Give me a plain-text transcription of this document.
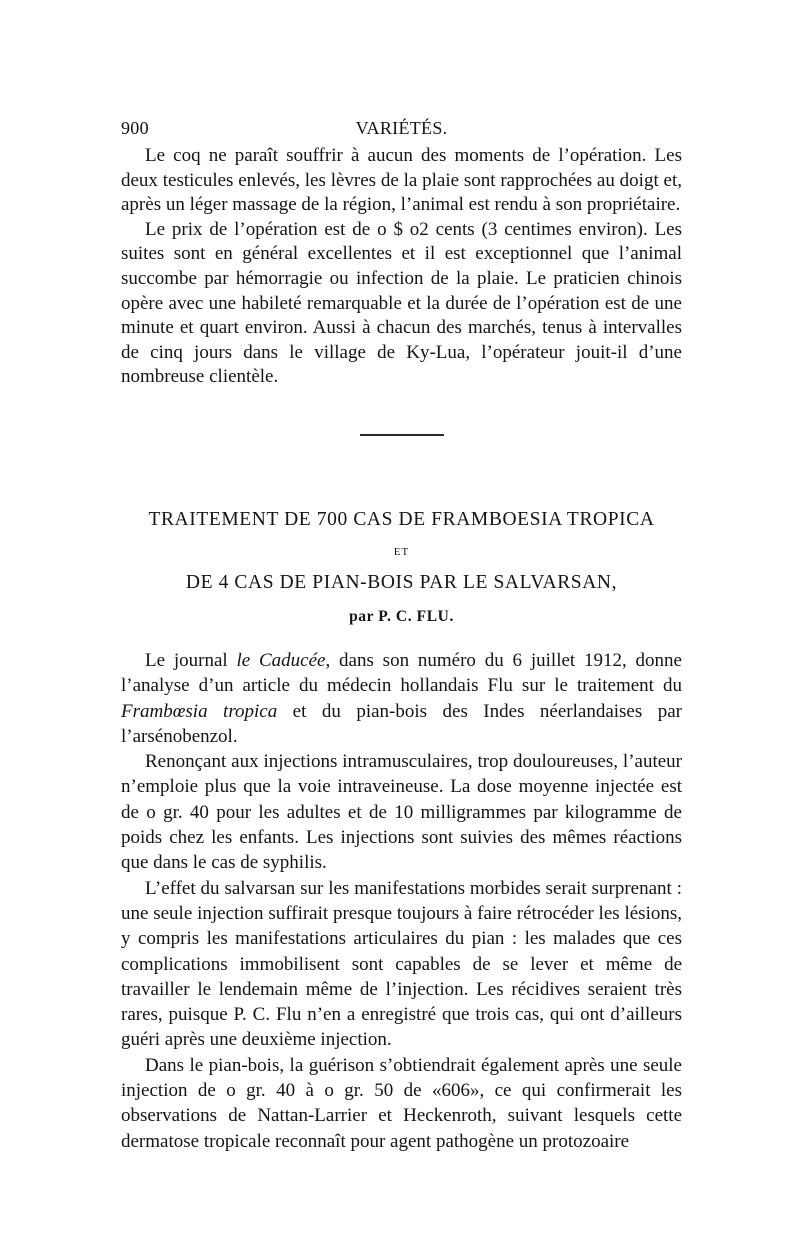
900	VARIÉTÉS.

Le coq ne paraît souffrir à aucun des moments de l’opération. Les deux testicules enlevés, les lèvres de la plaie sont rapprochées au doigt et, après un léger massage de la région, l’animal est rendu à son propriétaire.

Le prix de l’opération est de o $ o2 cents (3 centimes environ). Les suites sont en général excellentes et il est exceptionnel que l’animal succombe par hémorragie ou infection de la plaie. Le praticien chinois opère avec une habileté remarquable et la durée de l’opération est de une minute et quart environ. Aussi à chacun des marchés, tenus à intervalles de cinq jours dans le village de Ky-Lua, l’opérateur jouit-il d’une nombreuse clientèle.

TRAITEMENT DE 700 CAS DE FRAMBOESIA TROPICA
ET
DE 4 CAS DE PIAN-BOIS PAR LE SALVARSAN,
par P. C. FLU.

Le journal le Caducée, dans son numéro du 6 juillet 1912, donne l’analyse d’un article du médecin hollandais Flu sur le traitement du Frambœsia tropica et du pian-bois des Indes néerlandaises par l’arsénobenzol.

Renonçant aux injections intramusculaires, trop douloureuses, l’auteur n’emploie plus que la voie intraveineuse. La dose moyenne injectée est de o gr. 40 pour les adultes et de 10 milligrammes par kilogramme de poids chez les enfants. Les injections sont suivies des mêmes réactions que dans le cas de syphilis.

L’effet du salvarsan sur les manifestations morbides serait surprenant : une seule injection suffirait presque toujours à faire rétrocéder les lésions, y compris les manifestations articulaires du pian : les malades que ces complications immobilisent sont capables de se lever et même de travailler le lendemain même de l’injection. Les récidives seraient très rares, puisque P. C. Flu n’en a enregistré que trois cas, qui ont d’ailleurs guéri après une deuxième injection.

Dans le pian-bois, la guérison s’obtiendrait également après une seule injection de o gr. 40 à o gr. 50 de «606», ce qui confirmerait les observations de Nattan-Larrier et Heckenroth, suivant lesquels cette dermatose tropicale reconnaît pour agent pathogène un protozoaire
